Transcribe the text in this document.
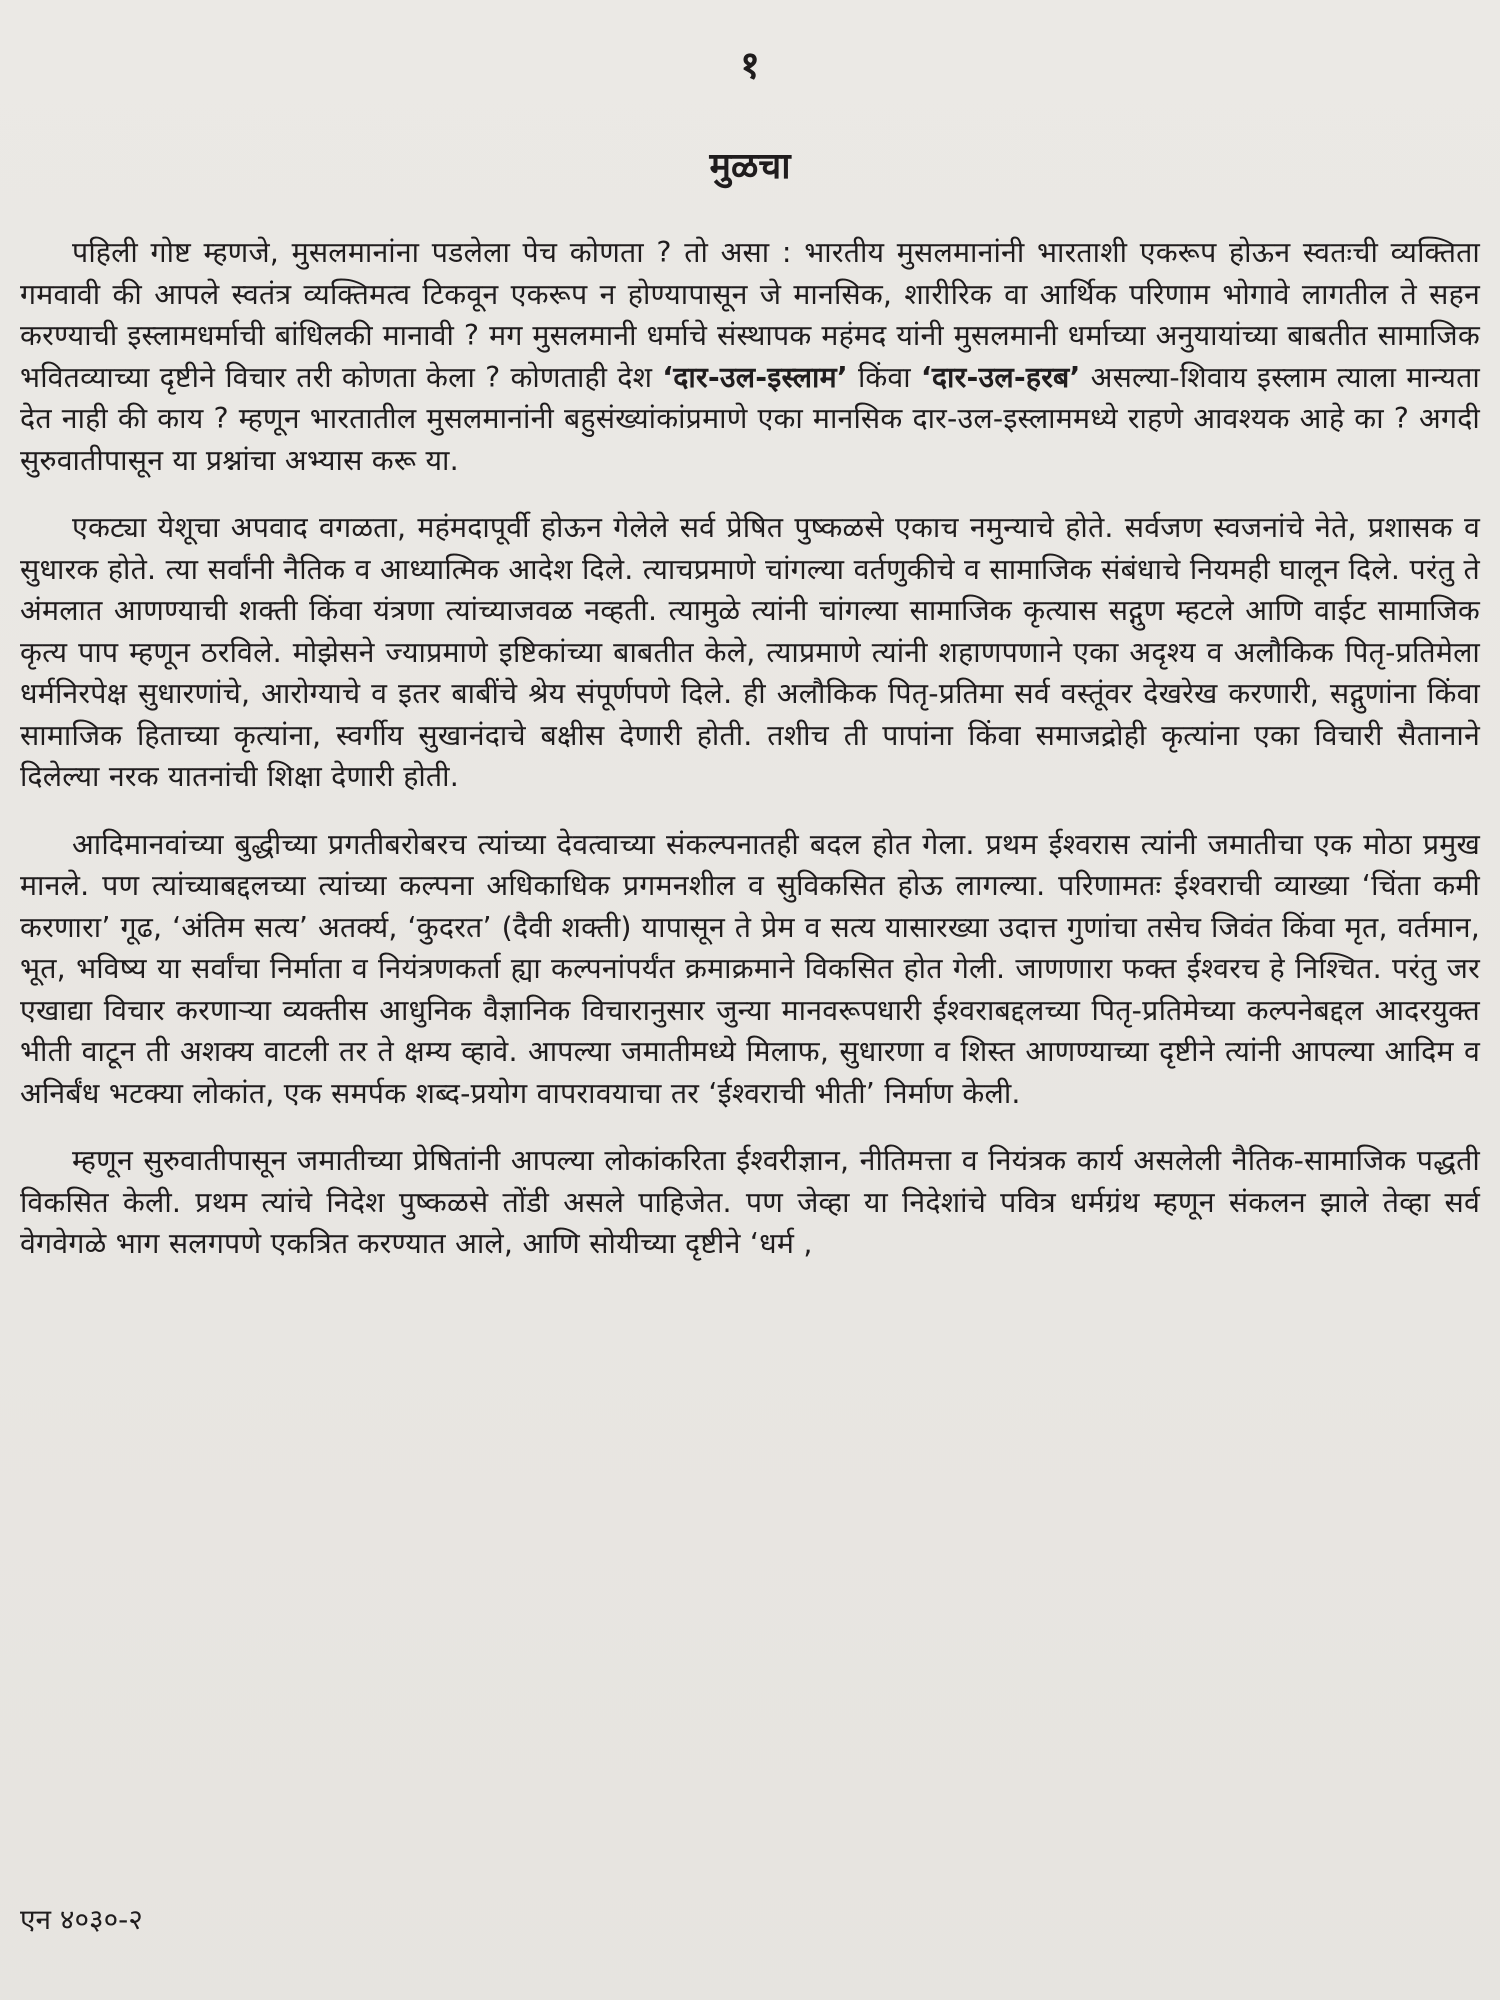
१
मुळचा

पहिली गोष्ट म्हणजे, मुसलमानांना पडलेला पेच कोणता ? तो असा : भारतीय मुसलमानांनी भारताशी एकरूप होऊन स्वतःची व्यक्तिता गमवावी की आपले स्वतंत्र व्यक्तिमत्व टिकवून एकरूप न होण्यापासून जे मानसिक, शारीरिक वा आर्थिक परिणाम भोगावे लागतील ते सहन करण्याची इस्लामधर्माची बांधिलकी मानावी ? मग मुसलमानी धर्माचे संस्थापक महंमद यांनी मुसलमानी धर्माच्या अनुयायांच्या बाबतीत सामाजिक भवितव्याच्या दृष्टीने विचार तरी कोणता केला ? कोणताही देश ‘दार-उल-इस्लाम’ किंवा ‘दार-उल-हरब’ असल्या-शिवाय इस्लाम त्याला मान्यता देत नाही की काय ? म्हणून भारतातील मुसलमानांनी बहुसंख्यांकांप्रमाणे एका मानसिक दार-उल-इस्लाममध्ये राहणे आवश्यक आहे का ? अगदी सुरुवातीपासून या प्रश्नांचा अभ्यास करू या.

एकट्या येशूचा अपवाद वगळता, महंमदापूर्वी होऊन गेलेले सर्व प्रेषित पुष्कळसे एकाच नमुन्याचे होते. सर्वजण स्वजनांचे नेते, प्रशासक व सुधारक होते. त्या सर्वांनी नैतिक व आध्यात्मिक आदेश दिले. त्याचप्रमाणे चांगल्या वर्तणुकीचे व सामाजिक संबंधाचे नियमही घालून दिले. परंतु ते अंमलात आणण्याची शक्ती किंवा यंत्रणा त्यांच्याजवळ नव्हती. त्यामुळे त्यांनी चांगल्या सामाजिक कृत्यास सद्गुण म्हटले आणि वाईट सामाजिक कृत्य पाप म्हणून ठरविले. मोझेसने ज्याप्रमाणे इष्टिकांच्या बाबतीत केले, त्याप्रमाणे त्यांनी शहाणपणाने एका अदृश्य व अलौकिक पितृ-प्रतिमेला धर्मनिरपेक्ष सुधारणांचे, आरोग्याचे व इतर बाबींचे श्रेय संपूर्णपणे दिले. ही अलौकिक पितृ-प्रतिमा सर्व वस्तूंवर देखरेख करणारी, सद्गुणांना किंवा सामाजिक हिताच्या कृत्यांना, स्वर्गीय सुखानंदाचे बक्षीस देणारी होती. तशीच ती पापांना किंवा समाजद्रोही कृत्यांना एका विचारी सैतानाने दिलेल्या नरक यातनांची शिक्षा देणारी होती.

आदिमानवांच्या बुद्धीच्या प्रगतीबरोबरच त्यांच्या देवत्वाच्या संकल्पनातही बदल होत गेला. प्रथम ईश्वरास त्यांनी जमातीचा एक मोठा प्रमुख मानले. पण त्यांच्याबद्दलच्या त्यांच्या कल्पना अधिकाधिक प्रगमनशील व सुविकसित होऊ लागल्या. परिणामतः ईश्वराची व्याख्या ‘चिंता कमी करणारा’ गूढ, ‘अंतिम सत्य’ अतर्क्य, ‘कुदरत’ (दैवी शक्ती) यापासून ते प्रेम व सत्य यासारख्या उदात्त गुणांचा तसेच जिवंत किंवा मृत, वर्तमान, भूत, भविष्य या सर्वांचा निर्माता व नियंत्रणकर्ता ह्या कल्पनांपर्यंत क्रमाक्रमाने विकसित होत गेली. जाणणारा फक्त ईश्वरच हे निश्चित. परंतु जर एखाद्या विचार करणाऱ्या व्यक्तीस आधुनिक वैज्ञानिक विचारानुसार जुन्या मानवरूपधारी ईश्वराबद्दलच्या पितृ-प्रतिमेच्या कल्पनेबद्दल आदरयुक्त भीती वाटून ती अशक्य वाटली तर ते क्षम्य व्हावे. आपल्या जमातीमध्ये मिलाफ, सुधारणा व शिस्त आणण्याच्या दृष्टीने त्यांनी आपल्या आदिम व अनिर्बंध भटक्या लोकांत, एक समर्पक शब्द-प्रयोग वापरावयाचा तर ‘ईश्वराची भीती’ निर्माण केली.

म्हणून सुरुवातीपासून जमातीच्या प्रेषितांनी आपल्या लोकांकरिता ईश्वरीज्ञान, नीतिमत्ता व नियंत्रक कार्य असलेली नैतिक-सामाजिक पद्धती विकसित केली. प्रथम त्यांचे निदेश पुष्कळसे तोंडी असले पाहिजेत. पण जेव्हा या निदेशांचे पवित्र धर्मग्रंथ म्हणून संकलन झाले तेव्हा सर्व वेगवेगळे भाग सलगपणे एकत्रित करण्यात आले, आणि सोयीच्या दृष्टीने ‘धर्म ,

एन ४०३०-२
